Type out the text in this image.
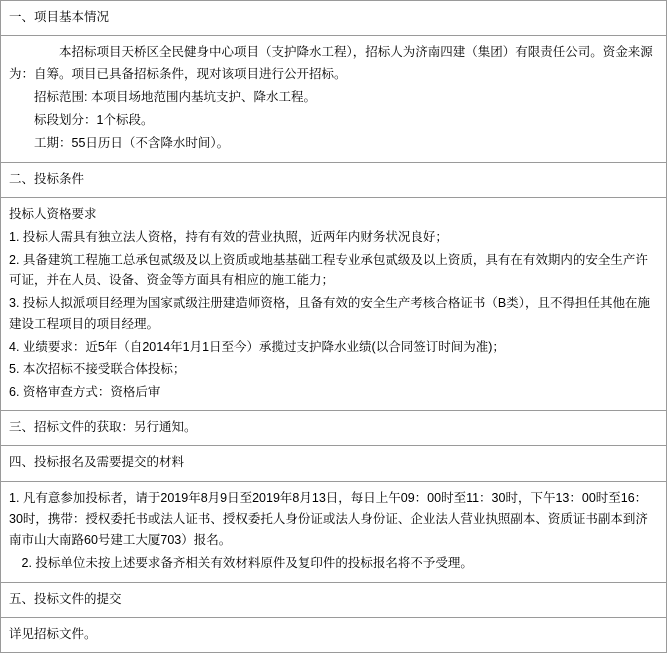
一、项目基本情况

本招标项目天桥区全民健身中心项目（支护降水工程），招标人为济南四建（集团）有限责任公司。资金来源为：自筹。项目已具备招标条件，现对该项目进行公开招标。

招标范围: 本项目场地范围内基坑支护、降水工程。

标段划分：1个标段。

工期：55日历日（不含降水时间）。

二、投标条件

投标人资格要求

1. 投标人需具有独立法人资格，持有有效的营业执照，近两年内财务状况良好；

2. 具备建筑工程施工总承包贰级及以上资质或地基基础工程专业承包贰级及以上资质，具有在有效期内的安全生产许可证，并在人员、设备、资金等方面具有相应的施工能力；

3. 投标人拟派项目经理为国家贰级注册建造师资格，且备有效的安全生产考核合格证书（B类），且不得担任其他在施建设工程项目的项目经理。

4. 业绩要求：近5年（自2014年1月1日至今）承揽过支护降水业绩(以合同签订时间为准)；

5. 本次招标不接受联合体投标；

6. 资格审查方式：资格后审

三、招标文件的获取：另行通知。
四、投标报名及需要提交的材料

1. 凡有意参加投标者，请于2019年8月9日至2019年8月13日，每日上午09：00时至11：30时，下午13：00时至16：30时，携带：授权委托书或法人证书、授权委托人身份证或法人身份证、企业法人营业执照副本、资质证书副本到济南市山大南路60号建工大厦703）报名。

2. 投标单位未按上述要求备齐相关有效材料原件及复印件的投标报名将不予受理。

五、投标文件的提交

详见招标文件。
